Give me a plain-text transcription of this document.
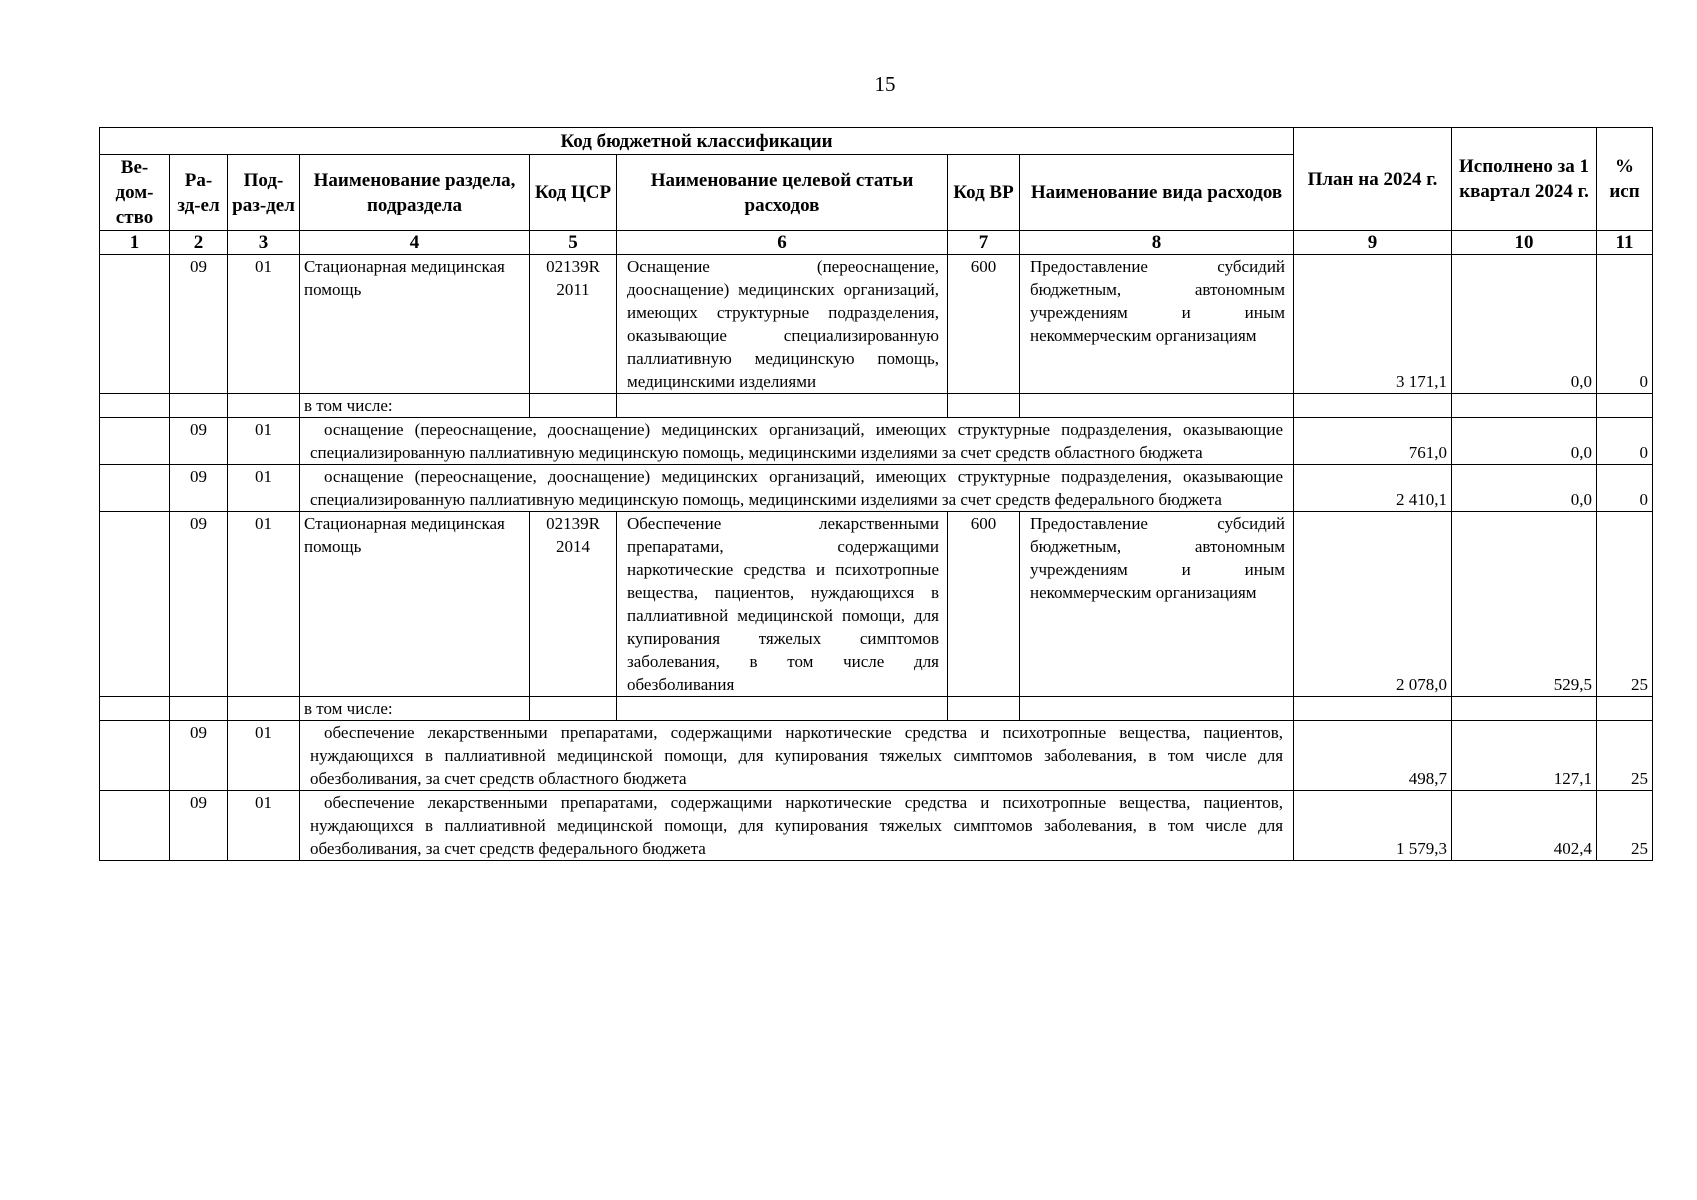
15
Код бюджетной классификации								План на 2024 г.	Исполнено за 1 квартал 2024 г.	% исп
Ве-дом-ство	Ра-зд-ел	Под-раз-дел	Наименование раздела, подраздела	Код ЦСР	Наименование целевой статьи расходов	Код ВР	Наименование вида расходов			
1	2	3	4	5	6	7	8	9	10	11
	09	01	Стационарная медицинская помощь	02139R 2011	Оснащение (переоснащение, дооснащение) медицинских организаций, имеющих структурные подразделения, оказывающие специализированную паллиативную медицинскую помощь, медицинскими изделиями	600	Предоставление субсидий бюджетным, автономным учреждениям и иным некоммерческим организациям	3 171,1	0,0	0
			в том числе:							
	09	01	оснащение (переоснащение, дооснащение) медицинских организаций, имеющих структурные подразделения, оказывающие специализированную паллиативную медицинскую помощь, медицинскими изделиями за счет средств областного бюджета					761,0	0,0	0
	09	01	оснащение (переоснащение, дооснащение) медицинских организаций, имеющих структурные подразделения, оказывающие специализированную паллиативную медицинскую помощь, медицинскими изделиями за счет средств федерального бюджета					2 410,1	0,0	0
	09	01	Стационарная медицинская помощь	02139R 2014	Обеспечение лекарственными препаратами, содержащими наркотические средства и психотропные вещества, пациентов, нуждающихся в паллиативной медицинской помощи, для купирования тяжелых симптомов заболевания, в том числе для обезболивания	600	Предоставление субсидий бюджетным, автономным учреждениям и иным некоммерческим организациям	2 078,0	529,5	25
			в том числе:							
	09	01	обеспечение лекарственными препаратами, содержащими наркотические средства и психотропные вещества, пациентов, нуждающихся в паллиативной медицинской помощи, для купирования тяжелых симптомов заболевания, в том числе для обезболивания, за счет средств областного бюджета					498,7	127,1	25
	09	01	обеспечение лекарственными препаратами, содержащими наркотические средства и психотропные вещества, пациентов, нуждающихся в паллиативной медицинской помощи, для купирования тяжелых симптомов заболевания, в том числе для обезболивания, за счет средств федерального бюджета					1 579,3	402,4	25
